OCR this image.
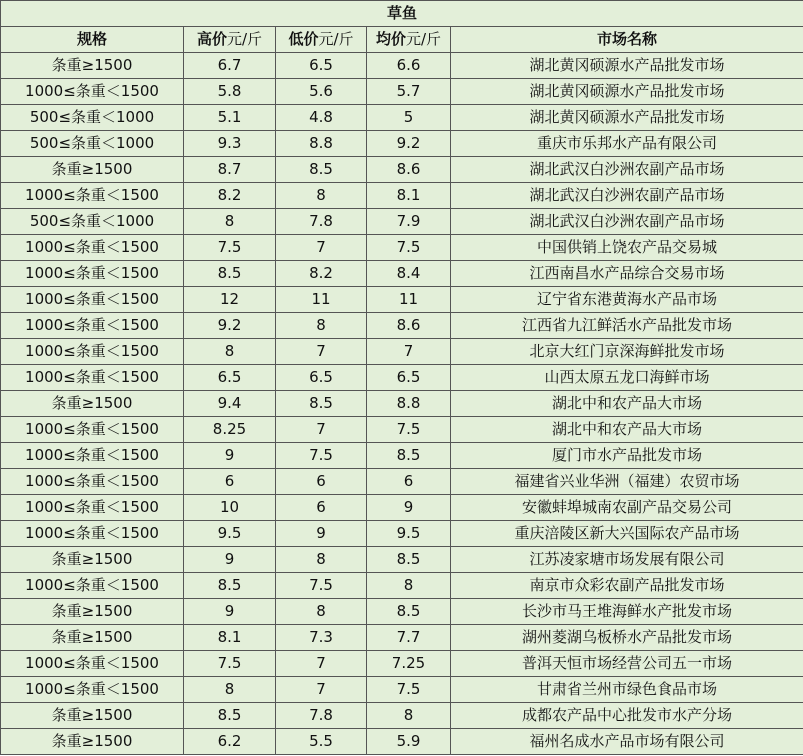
草鱼				
规格	高价元/斤	低价元/斤	均价元/斤	市场名称
条重≥1500	6.7	6.5	6.6	湖北黄冈硕源水产品批发市场
1000≤条重＜1500	5.8	5.6	5.7	湖北黄冈硕源水产品批发市场
500≤条重＜1000	5.1	4.8	5	湖北黄冈硕源水产品批发市场
500≤条重＜1000	9.3	8.8	9.2	重庆市乐邦水产品有限公司
条重≥1500	8.7	8.5	8.6	湖北武汉白沙洲农副产品市场
1000≤条重＜1500	8.2	8	8.1	湖北武汉白沙洲农副产品市场
500≤条重＜1000	8	7.8	7.9	湖北武汉白沙洲农副产品市场
1000≤条重＜1500	7.5	7	7.5	中国供销上饶农产品交易城
1000≤条重＜1500	8.5	8.2	8.4	江西南昌水产品综合交易市场
1000≤条重＜1500	12	11	11	辽宁省东港黄海水产品市场
1000≤条重＜1500	9.2	8	8.6	江西省九江鲜活水产品批发市场
1000≤条重＜1500	8	7	7	北京大红门京深海鲜批发市场
1000≤条重＜1500	6.5	6.5	6.5	山西太原五龙口海鲜市场
条重≥1500	9.4	8.5	8.8	湖北中和农产品大市场
1000≤条重＜1500	8.25	7	7.5	湖北中和农产品大市场
1000≤条重＜1500	9	7.5	8.5	厦门市水产品批发市场
1000≤条重＜1500	6	6	6	福建省兴业华洲（福建）农贸市场
1000≤条重＜1500	10	6	9	安徽蚌埠城南农副产品交易公司
1000≤条重＜1500	9.5	9	9.5	重庆涪陵区新大兴国际农产品市场
条重≥1500	9	8	8.5	江苏凌家塘市场发展有限公司
1000≤条重＜1500	8.5	7.5	8	南京市众彩农副产品批发市场
条重≥1500	9	8	8.5	长沙市马王堆海鲜水产批发市场
条重≥1500	8.1	7.3	7.7	湖州菱湖乌板桥水产品批发市场
1000≤条重＜1500	7.5	7	7.25	普洱天恒市场经营公司五一市场
1000≤条重＜1500	8	7	7.5	甘肃省兰州市绿色食品市场
条重≥1500	8.5	7.8	8	成都农产品中心批发市水产分场
条重≥1500	6.2	5.5	5.9	福州名成水产品市场有限公司
